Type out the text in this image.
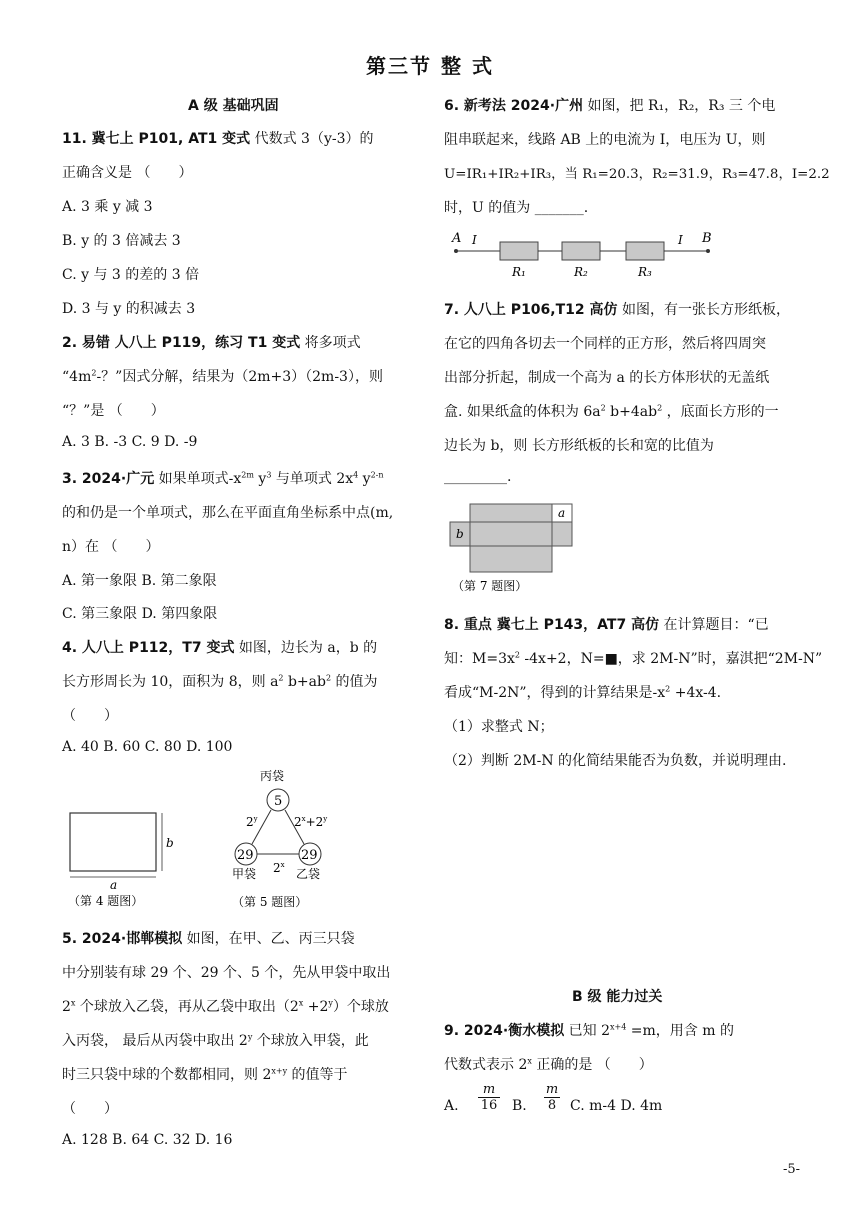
第三节 整 式
A 级 基础巩固
11. 冀七上 P101, AT1 变式 代数式 3（y-3）的
正确含义是 （　　）
A. 3 乘 y 减 3
B. y 的 3 倍减去 3
C. y 与 3 的差的 3 倍
D. 3 与 y 的积减去 3
2. 易错 人八上 P119，练习 T1 变式 将多项式
“$4m^2-$？”因式分解，结果为（2m+3）（2m-3），则
“？”是 （　　）
A. 3 B. -3 C. 9 D. -9
3. 2024·广元 如果单项式$-x^{2m}$ $y^3$ 与单项式 $2x^4$ $y^{2-n}$
的和仍是一个单项式，那么在平面直角坐标系中点(m,
n）在 （　　）
A. 第一象限 B. 第二象限
C. 第三象限 D. 第四象限
4. 人八上 P112，T7 变式 如图，边长为 a，b 的
长方形周长为 10，面积为 8，则 $a^2$ $b+ab^2$ 的值为
（　　）
A. 40 B. 60 C. 80 D. 100
a
b
（第 4 题图）
丙袋
5
29	29
2$^y$	$2^x+2^y$
2$^x$
甲袋	乙袋
（第 5 题图）
5. 2024·邯郸模拟 如图，在甲、乙、丙三只袋
中分别装有球 29 个、29 个、5 个，先从甲袋中取出
2$^x$ 个球放入乙袋，再从乙袋中取出$(2^x +2^y)$个球放
入丙袋， 最后从丙袋中取出 2$^y$ 个球放入甲袋，此
时三只袋中球的个数都相同，则 $2^{x+y}$ 的值等于
（　　）
A. 128 B. 64 C. 32 D. 16
6. 新考法 2024·广州 如图，把 R₁，R₂，R₃ 三 个电
阻串联起来，线路 AB 上的电流为 I，电压为 U，则
U=IR₁+IR₂+IR₃，当 R₁=20.3，R₂=31.9，R₃=47.8，I=2.2
时，U 的值为 _______.
A I	I B
R₁	R₂	R₃
7. 人八上 P106,T12 高仿 如图，有一张长方形纸板，
在它的四角各切去一个同样的正方形，然后将四周突
出部分折起，制成一个高为 a 的长方体形状的无盖纸
盒. 如果纸盒的体积为 $6a^2$ $b+4ab^2$ ，底面长方形的一
边长为 b，则 长方形纸板的长和宽的比值为
_________.
a
b
（第 7 题图）
8. 重点 冀七上 P143，AT7 高仿 在计算题目：“已
知：$M=3x^2$ -4x+2，N=■，求 2M-N”时，嘉淇把“2M-N”
看成“M-2N”，得到的计算结果是$-x^2 +4x-4$.
（1）求整式 N；
（2）判断 2M-N 的化简结果能否为负数，并说明理由.
B 级 能力过关
9. 2024·衡水模拟 已知 $2^{x+4} =m$，用含 m 的
代数式表示 2$^x$ 正确的是 （　　）
A. $\frac{m}{16} B$. $\frac{m}{8} C$. m-4 D. 4m
-5-
